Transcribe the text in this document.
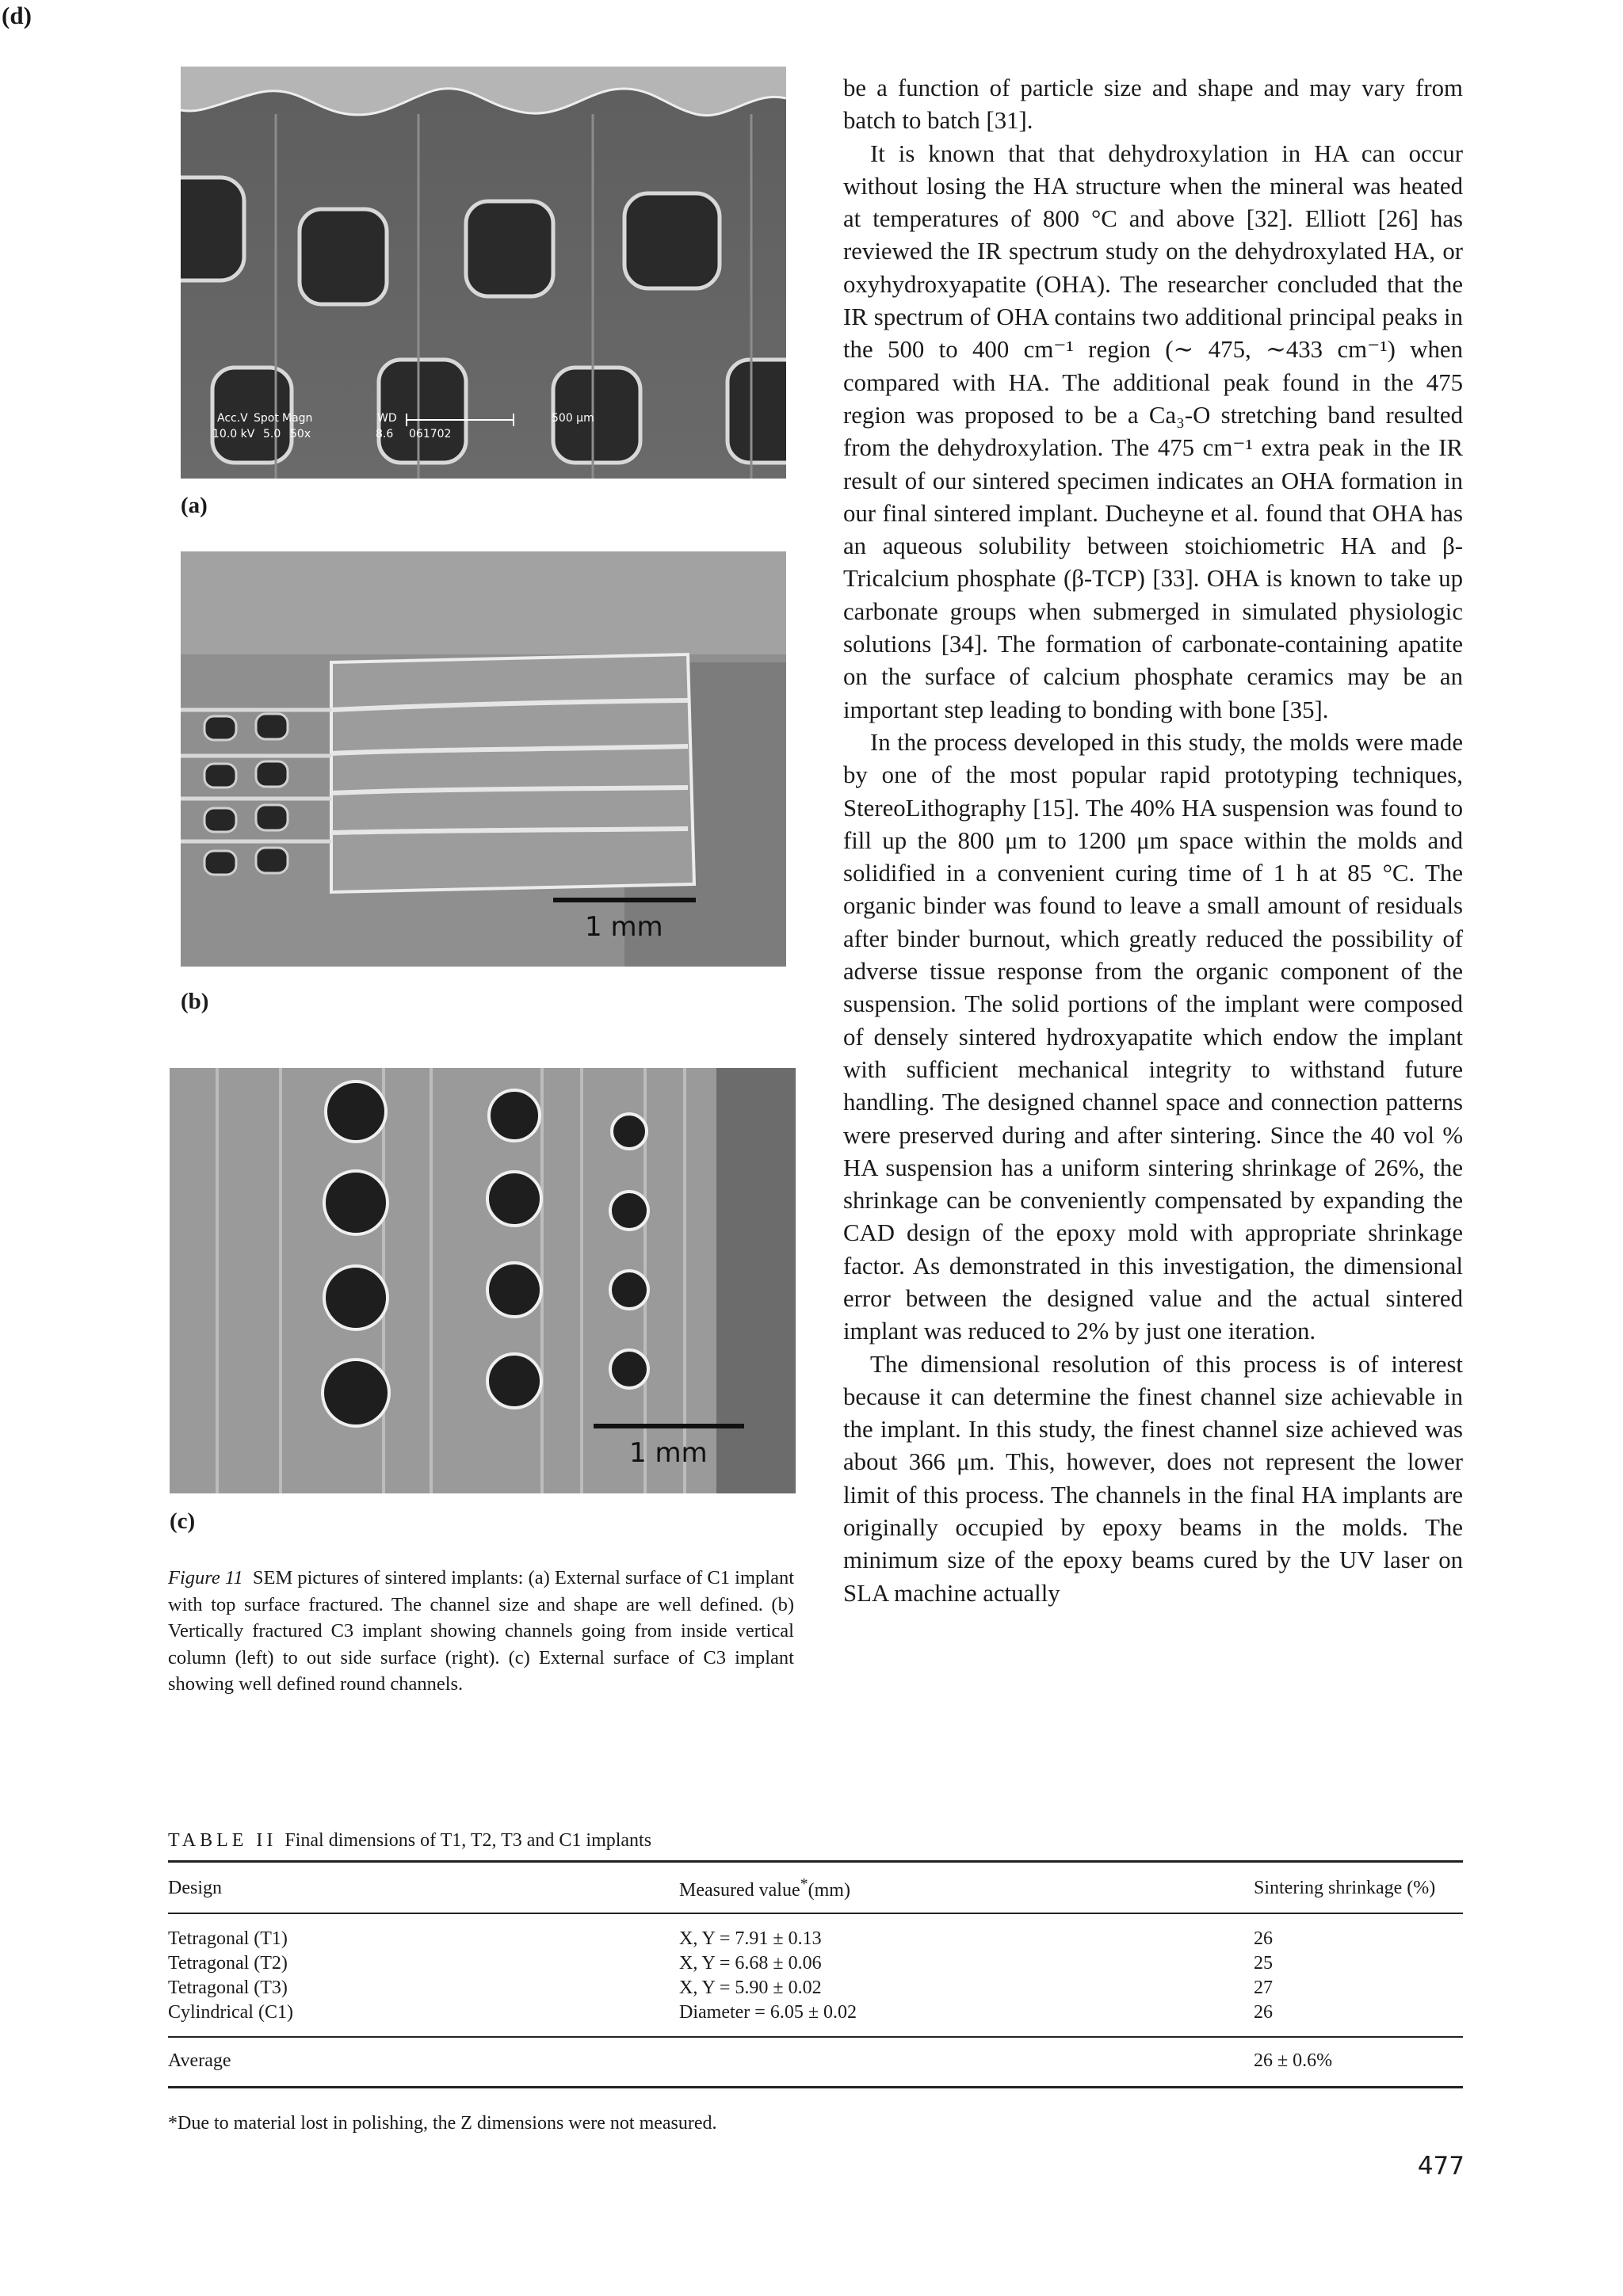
(d)
Acc.V Spot Magn	WD	500 μm
10.0 kV 5.0 50x	8.6 061702
(a)
1 mm
(b)
1 mm
(c)
Figure 11 SEM pictures of sintered implants: (a) External surface of C1 implant with top surface fractured. The channel size and shape are well defined. (b) Vertically fractured C3 implant showing channels going from inside vertical column (left) to out side surface (right). (c) External surface of C3 implant showing well defined round channels.

be a function of particle size and shape and may vary from batch to batch [31].

It is known that that dehydroxylation in HA can occur without losing the HA structure when the mineral was heated at temperatures of 800 °C and above [32]. Elliott [26] has reviewed the IR spectrum study on the dehydroxylated HA, or oxyhydroxyapatite (OHA). The researcher concluded that the IR spectrum of OHA contains two additional principal peaks in the 500 to 400 cm⁻¹ region (∼ 475, ∼433 cm⁻¹) when compared with HA. The additional peak found in the 475 region was proposed to be a Ca₃-O stretching band resulted from the dehydroxylation. The 475 cm⁻¹ extra peak in the IR result of our sintered specimen indicates an OHA formation in our final sintered implant. Ducheyne et al. found that OHA has an aqueous solubility between stoichiometric HA and β-Tricalcium phosphate (β-TCP) [33]. OHA is known to take up carbonate groups when submerged in simulated physiologic solutions [34]. The formation of carbonate-containing apatite on the surface of calcium phosphate ceramics may be an important step leading to bonding with bone [35].

In the process developed in this study, the molds were made by one of the most popular rapid prototyping techniques, StereoLithography [15]. The 40% HA suspension was found to fill up the 800 μm to 1200 μm space within the molds and solidified in a convenient curing time of 1 h at 85 °C. The organic binder was found to leave a small amount of residuals after binder burnout, which greatly reduced the possibility of adverse tissue response from the organic component of the suspension. The solid portions of the implant were composed of densely sintered hydroxyapatite which endow the implant with sufficient mechanical integrity to withstand future handling. The designed channel space and connection patterns were preserved during and after sintering. Since the 40 vol % HA suspension has a uniform sintering shrinkage of 26%, the shrinkage can be conveniently compensated by expanding the CAD design of the epoxy mold with appropriate shrinkage factor. As demonstrated in this investigation, the dimensional error between the designed value and the actual sintered implant was reduced to 2% by just one iteration.

The dimensional resolution of this process is of interest because it can determine the finest channel size achievable in the implant. In this study, the finest channel size achieved was about 366 μm. This, however, does not represent the lower limit of this process. The channels in the final HA implants are originally occupied by epoxy beams in the molds. The minimum size of the epoxy beams cured by the UV laser on SLA machine actually

TABLE II Final dimensions of T1, T2, T3 and C1 implants
Design	Measured value*(mm)	Sintering shrinkage (%)
Tetragonal (T1)	X, Y = 7.91 ± 0.13	26
Tetragonal (T2)	X, Y = 6.68 ± 0.06	25
Tetragonal (T3)	X, Y = 5.90 ± 0.02	27
Cylindrical (C1)	Diameter = 6.05 ± 0.02	26
Average		26 ± 0.6%
*Due to material lost in polishing, the Z dimensions were not measured.
477
